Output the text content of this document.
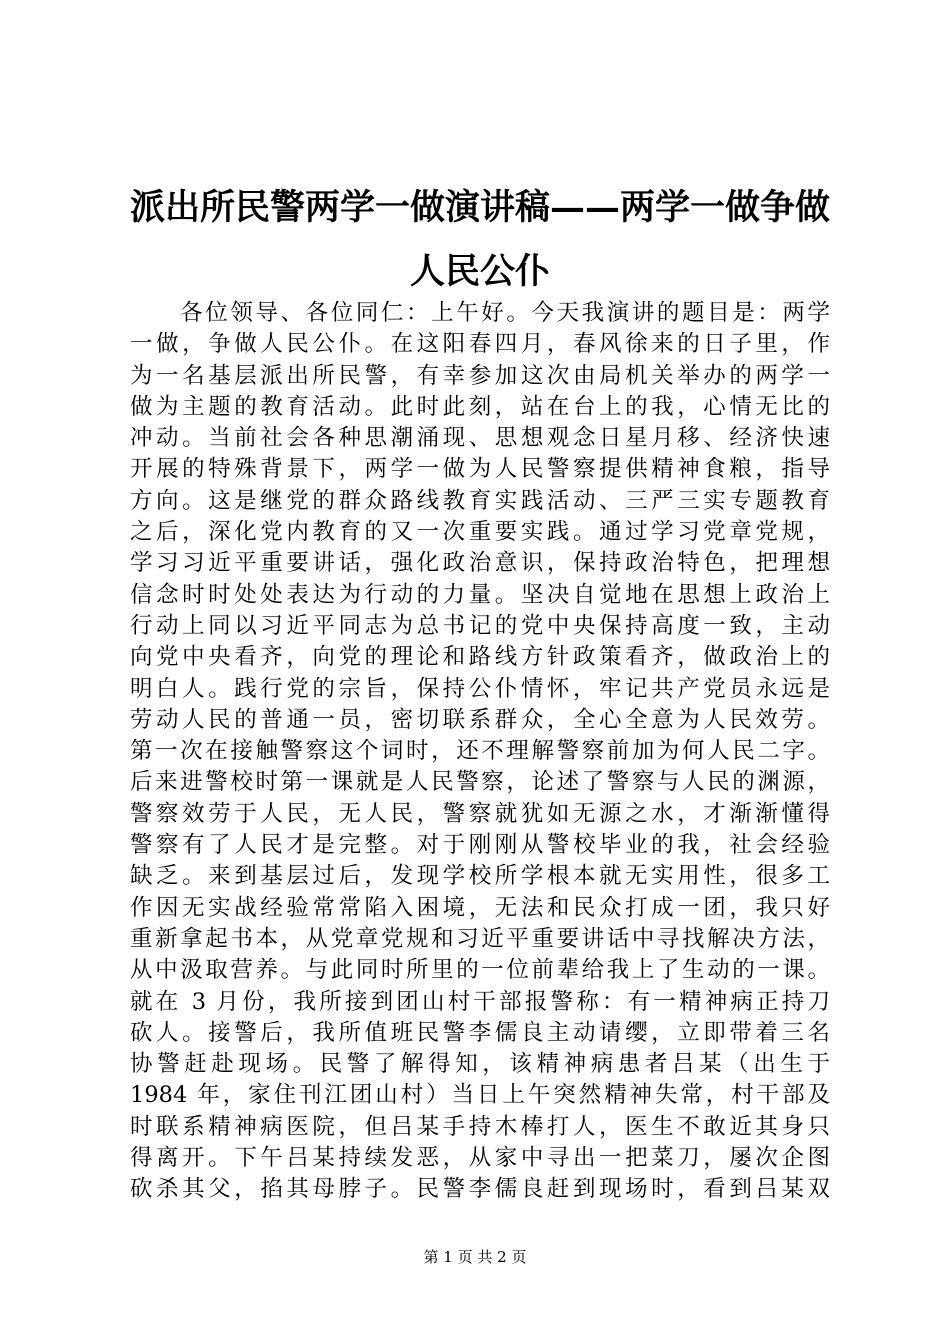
派出所民警两学一做演讲稿——两学一做争做
人民公仆
　　各位领导、各位同仁：上午好。今天我演讲的题目是：两学
一做，争做人民公仆。在这阳春四月，春风徐来的日子里，作
为一名基层派出所民警，有幸参加这次由局机关举办的两学一
做为主题的教育活动。此时此刻，站在台上的我，心情无比的
冲动。当前社会各种思潮涌现、思想观念日星月移、经济快速
开展的特殊背景下，两学一做为人民警察提供精神食粮，指导
方向。这是继党的群众路线教育实践活动、三严三实专题教育
之后，深化党内教育的又一次重要实践。通过学习党章党规，
学习习近平重要讲话，强化政治意识，保持政治特色，把理想
信念时时处处表达为行动的力量。坚决自觉地在思想上政治上
行动上同以习近平同志为总书记的党中央保持高度一致，主动
向党中央看齐，向党的理论和路线方针政策看齐，做政治上的
明白人。践行党的宗旨，保持公仆情怀，牢记共产党员永远是
劳动人民的普通一员，密切联系群众，全心全意为人民效劳。
第一次在接触警察这个词时，还不理解警察前加为何人民二字。
后来进警校时第一课就是人民警察，论述了警察与人民的渊源，
警察效劳于人民，无人民，警察就犹如无源之水，才渐渐懂得
警察有了人民才是完整。对于刚刚从警校毕业的我，社会经验
缺乏。来到基层过后，发现学校所学根本就无实用性，很多工
作因无实战经验常常陷入困境，无法和民众打成一团，我只好
重新拿起书本，从党章党规和习近平重要讲话中寻找解决方法，
从中汲取营养。与此同时所里的一位前辈给我上了生动的一课。
就在 3 月份，我所接到团山村干部报警称：有一精神病正持刀
砍人。接警后，我所值班民警李儒良主动请缨，立即带着三名
协警赶赴现场。民警了解得知，该精神病患者吕某（出生于
1984 年，家住刊江团山村）当日上午突然精神失常，村干部及
时联系精神病医院，但吕某手持木棒打人，医生不敢近其身只
得离开。下午吕某持续发恶，从家中寻出一把菜刀，屡次企图
砍杀其父，掐其母脖子。民警李儒良赶到现场时，看到吕某双
第 1 页 共 2 页
